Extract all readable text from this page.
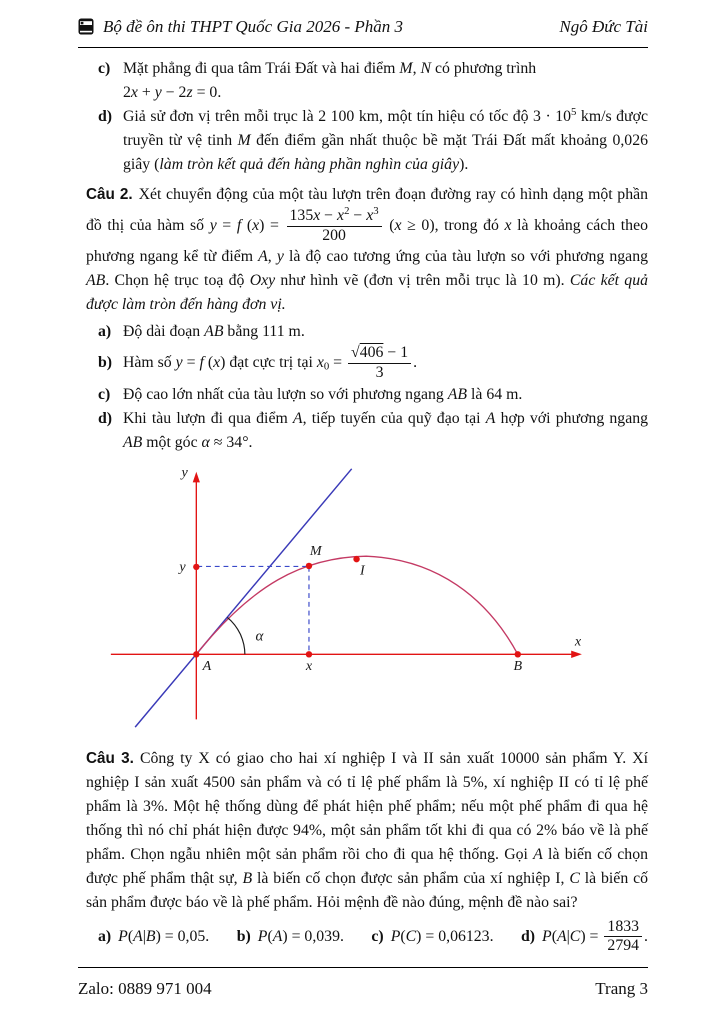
Bộ đề ôn thi THPT Quốc Gia 2026 - Phần 3	Ngô Đức Tài
c) Mặt phẳng đi qua tâm Trái Đất và hai điểm M, N có phương trình
2x + y − 2z = 0.
d) Giả sử đơn vị trên mỗi trục là 2 100 km, một tín hiệu có tốc độ $3 \cdot 10^5$ km/s được truyền từ vệ tinh M đến điểm gần nhất thuộc bề mặt Trái Đất mất khoảng 0,026 giây (làm tròn kết quả đến hàng phần nghìn của giây).

Câu 2. Xét chuyển động của một tàu lượn trên đoạn đường ray có hình dạng một phần đồ thị của hàm số y = f $(x) = \frac{135x - x^2 - x^3}{200} (x \ge 0)$, trong đó x là khoảng cách theo phương ngang kể từ điểm A, y là độ cao tương ứng của tàu lượn so với phương ngang AB. Chọn hệ trục toạ độ Oxy như hình vẽ (đơn vị trên mỗi trục là 10 m). Các kết quả được làm tròn đến hàng đơn vị.

a) Độ dài đoạn AB bằng 111 m.
b) Hàm số y = f (x) đạt cực trị tại $x0 = \frac{√406 - 1}{3}$ .
c) Độ cao lớn nhất của tàu lượn so với phương ngang AB là 64 m.
d) Khi tàu lượn đi qua điểm A, tiếp tuyến của quỹ đạo tại A hợp với phương ngang AB một góc α ≈ 34°.
y
x
y
M
I
A	x	B
α

Câu 3. Công ty X có giao cho hai xí nghiệp I và II sản xuất 10000 sản phẩm Y. Xí nghiệp I sản xuất 4500 sản phẩm và có tỉ lệ phế phẩm là 5%, xí nghiệp II có tỉ lệ phế phẩm là 3%. Một hệ thống dùng để phát hiện phế phẩm; nếu một phế phẩm đi qua hệ thống thì nó chỉ phát hiện được 94%, một sản phẩm tốt khi đi qua có 2% báo về là phế phẩm. Chọn ngẫu nhiên một sản phẩm rồi cho đi qua hệ thống. Gọi A là biến cố chọn được phế phẩm thật sự, B là biến cố chọn được sản phẩm của xí nghiệp I, C là biến cố sản phẩm được báo về là phế phẩm. Hỏi mệnh đề nào đúng, mệnh đề nào sai?

a) P(A|B) = 0,05. b) P(A) = 0,039. c) P(C) = 0,06123. d) $P(A|C) = \frac{1833}{2794}$ .
Zalo: 0889 971 004	Trang 3
